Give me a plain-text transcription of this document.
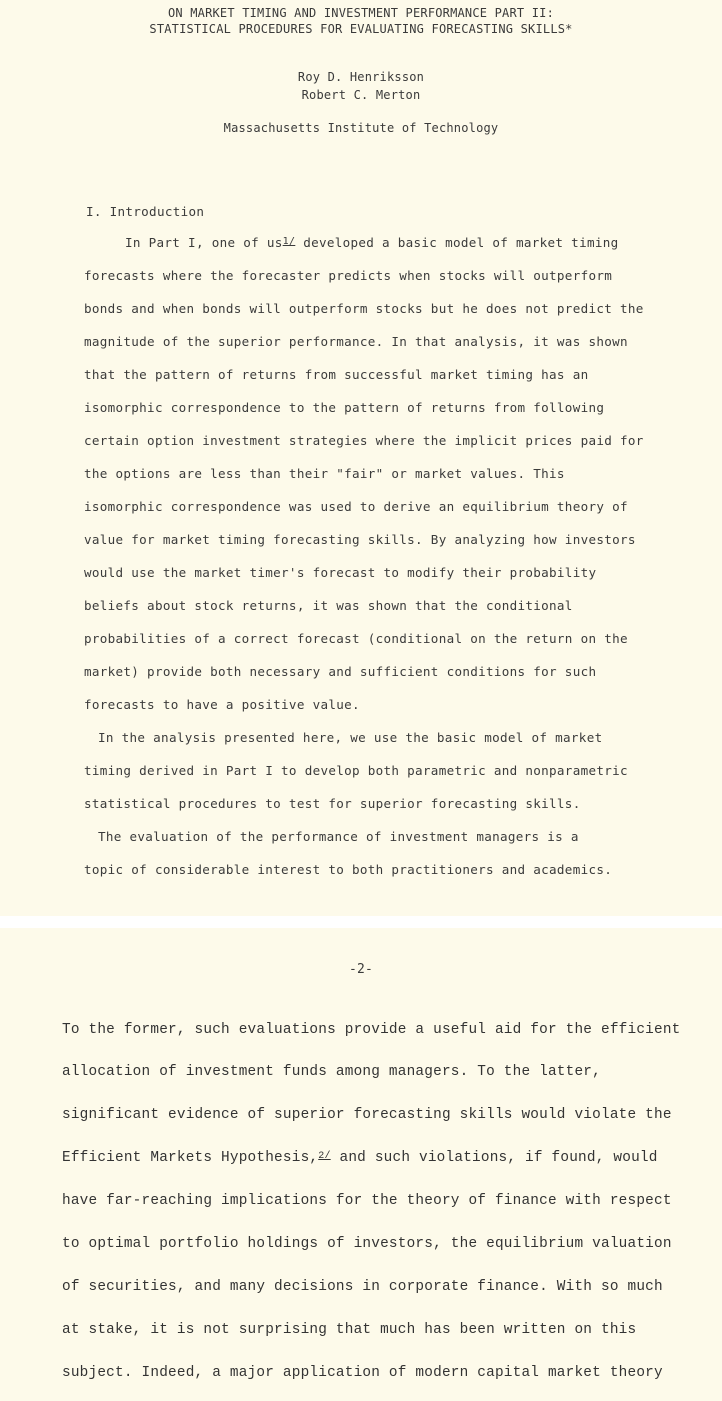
ON MARKET TIMING AND INVESTMENT PERFORMANCE PART II:
STATISTICAL PROCEDURES FOR EVALUATING FORECASTING SKILLS*
Roy D. Henriksson
Robert C. Merton
Massachusetts Institute of Technology
I. Introduction
In Part I, one of us$^{1/}$ developed a basic model of market timing
forecasts where the forecaster predicts when stocks will outperform
bonds and when bonds will outperform stocks but he does not predict the
magnitude of the superior performance. In that analysis, it was shown
that the pattern of returns from successful market timing has an
isomorphic correspondence to the pattern of returns from following
certain option investment strategies where the implicit prices paid for
the options are less than their "fair" or market values. This
isomorphic correspondence was used to derive an equilibrium theory of
value for market timing forecasting skills. By analyzing how investors
would use the market timer's forecast to modify their probability
beliefs about stock returns, it was shown that the conditional
probabilities of a correct forecast (conditional on the return on the
market) provide both necessary and sufficient conditions for such
forecasts to have a positive value.
In the analysis presented here, we use the basic model of market
timing derived in Part I to develop both parametric and nonparametric
statistical procedures to test for superior forecasting skills.
The evaluation of the performance of investment managers is a
topic of considerable interest to both practitioners and academics.
-2-
To the former, such evaluations provide a useful aid for the efficient
allocation of investment funds among managers. To the latter,
significant evidence of superior forecasting skills would violate the
Efficient Markets Hypothesis,$^{2/}$ and such violations, if found, would
have far-reaching implications for the theory of finance with respect
to optimal portfolio holdings of investors, the equilibrium valuation
of securities, and many decisions in corporate finance. With so much
at stake, it is not surprising that much has been written on this
subject. Indeed, a major application of modern capital market theory
